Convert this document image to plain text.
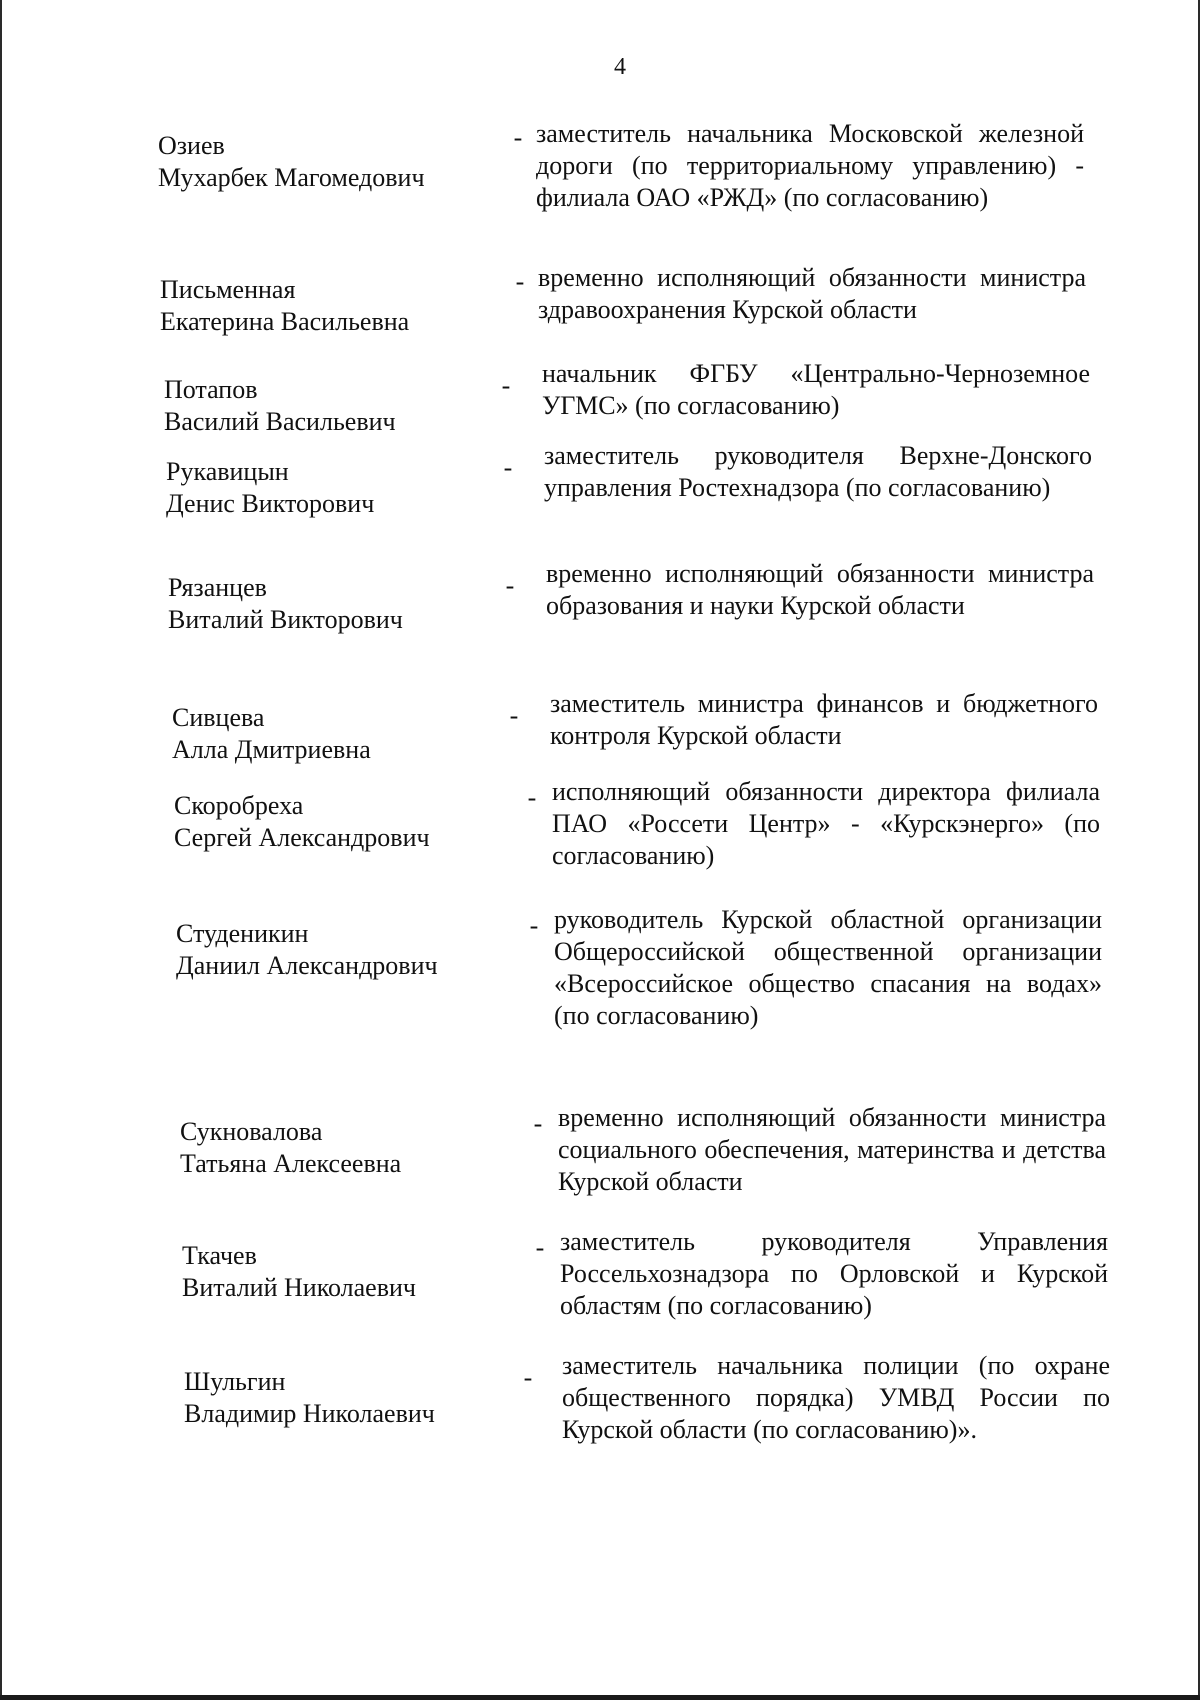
4
Озиев
Мухарбек Магомедович
- заместитель начальника Московской железной дороги (по территориальному управлению) - филиала ОАО «РЖД» (по согласованию)
Письменная
Екатерина Васильевна
- временно исполняющий обязанности министра здравоохранения Курской области
Потапов
Василий Васильевич
- начальник ФГБУ «Центрально-Черноземное УГМС» (по согласованию)
Рукавицын
Денис Викторович
- заместитель руководителя Верхне-Донского управления Ростехнадзора (по согласованию)
Рязанцев
Виталий Викторович
- временно исполняющий обязанности министра образования и науки Курской области
Сивцева
Алла Дмитриевна
- заместитель министра финансов и бюджетного контроля Курской области
Скоробреха
Сергей Александрович
- исполняющий обязанности директора филиала ПАО «Россети Центр» - «Курскэнерго» (по согласованию)
Студеникин
Даниил Александрович
- руководитель Курской областной организации Общероссийской общественной организации «Всероссийское общество спасания на водах» (по согласованию)
Сукновалова
Татьяна Алексеевна
- временно исполняющий обязанности министра социального обеспечения, материнства и детства Курской области
Ткачев
Виталий Николаевич
- заместитель руководителя Управления Россельхознадзора по Орловской и Курской областям (по согласованию)
Шульгин
Владимир Николаевич
- заместитель начальника полиции (по охране общественного порядка) УМВД России по Курской области (по согласованию)».
